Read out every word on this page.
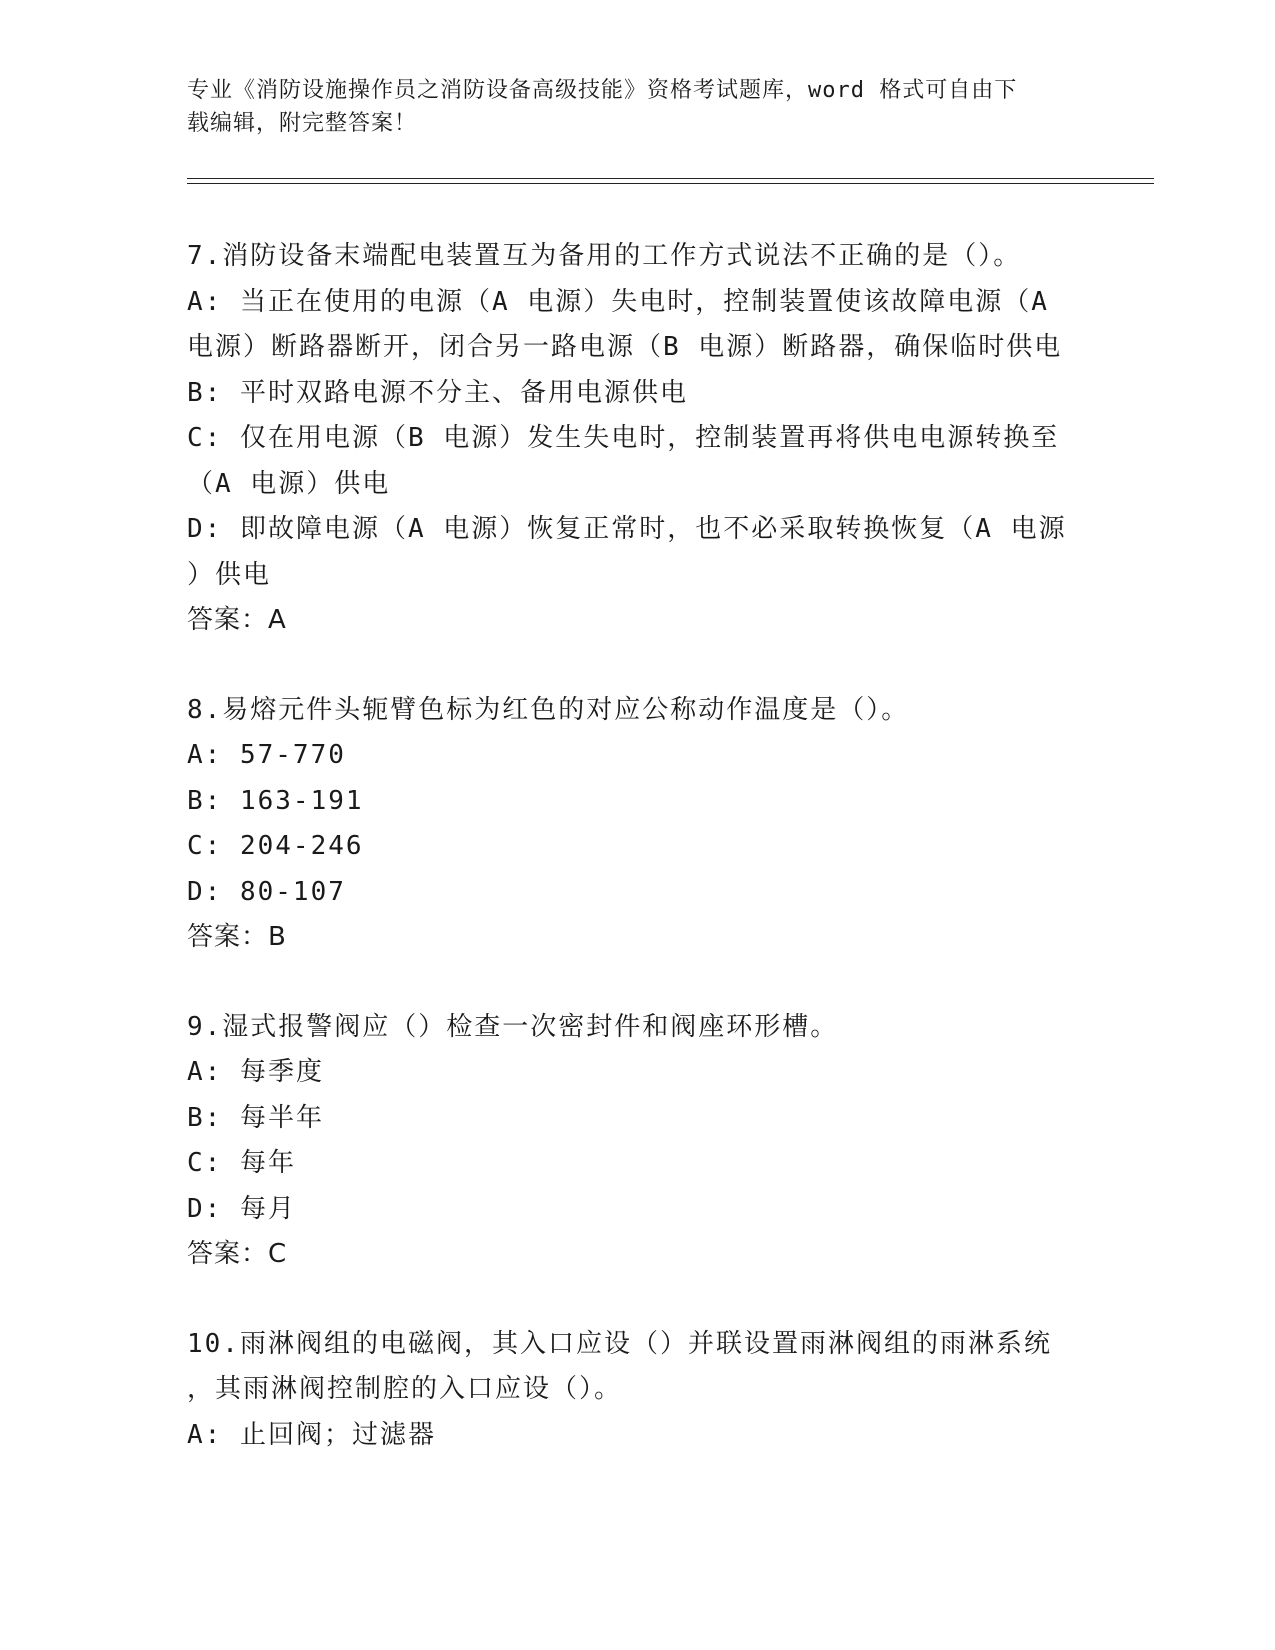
专业《消防设施操作员之消防设备高级技能》资格考试题库，word 格式可自由下
载编辑，附完整答案！
7.消防设备末端配电装置互为备用的工作方式说法不正确的是（）。
A: 当正在使用的电源（A 电源）失电时，控制装置使该故障电源（A
电源）断路器断开，闭合另一路电源（B 电源）断路器，确保临时供电
B: 平时双路电源不分主、备用电源供电
C: 仅在用电源（B 电源）发生失电时，控制装置再将供电电源转换至
（A 电源）供电
D: 即故障电源（A 电源）恢复正常时，也不必采取转换恢复（A 电源
）供电
答案：A
8.易熔元件头轭臂色标为红色的对应公称动作温度是（）。
A: 57-770
B: 163-191
C: 204-246
D: 80-107
答案：B
9.湿式报警阀应（）检查一次密封件和阀座环形槽。
A: 每季度
B: 每半年
C: 每年
D: 每月
答案：C
10.雨淋阀组的电磁阀，其入口应设（）并联设置雨淋阀组的雨淋系统
，其雨淋阀控制腔的入口应设（）。
A: 止回阀；过滤器
